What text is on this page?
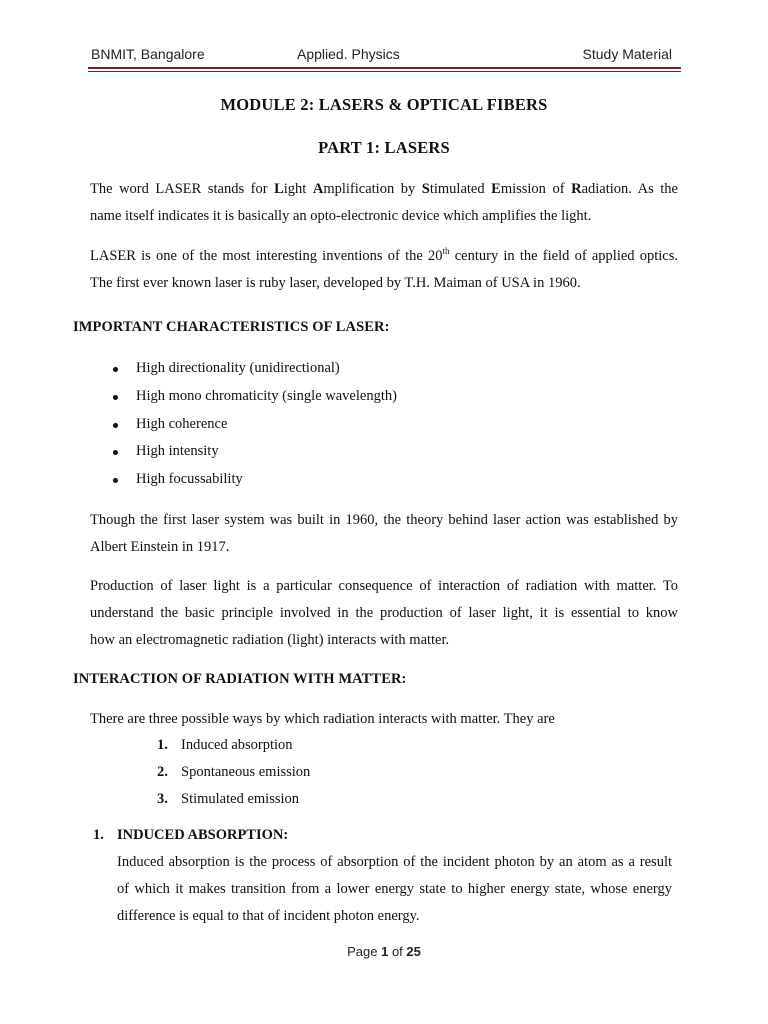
BNMIT, Bangalore	Applied. Physics	Study Material
MODULE 2: LASERS & OPTICAL FIBERS
PART 1: LASERS
The word LASER stands for Light Amplification by Stimulated Emission of Radiation. As the
name itself indicates it is basically an opto-electronic device which amplifies the light.
LASER is one of the most interesting inventions of the 20th century in the field of applied optics.
The first ever known laser is ruby laser, developed by T.H. Maiman of USA in 1960.
IMPORTANT CHARACTERISTICS OF LASER:
High directionality (unidirectional)
High mono chromaticity (single wavelength)
High coherence
High intensity
High focussability
Though the first laser system was built in 1960, the theory behind laser action was established by
Albert Einstein in 1917.
Production of laser light is a particular consequence of interaction of radiation with matter. To
understand the basic principle involved in the production of laser light, it is essential to know
how an electromagnetic radiation (light) interacts with matter.
INTERACTION OF RADIATION WITH MATTER:
There are three possible ways by which radiation interacts with matter. They are
1. Induced absorption
2. Spontaneous emission
3. Stimulated emission
1. INDUCED ABSORPTION:
Induced absorption is the process of absorption of the incident photon by an atom as a result
of which it makes transition from a lower energy state to higher energy state, whose energy
difference is equal to that of incident photon energy.
Page 1 of 25
